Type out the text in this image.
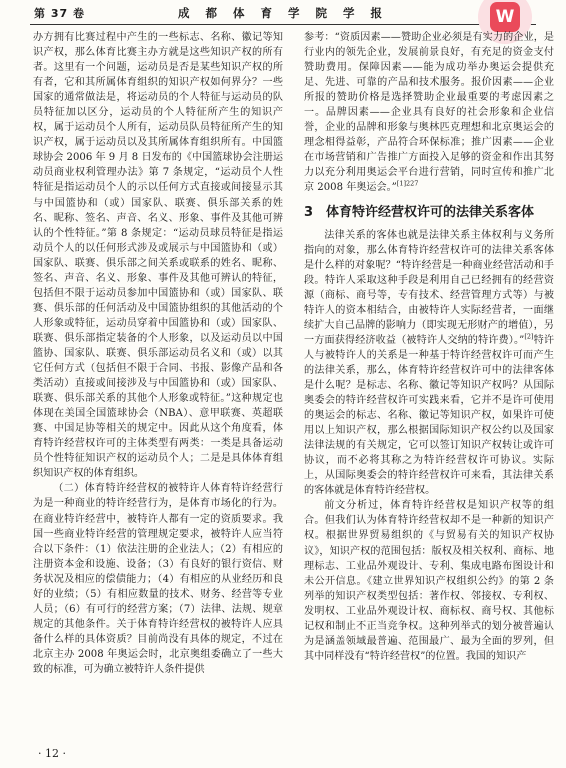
第 37 卷	成 都 体 育 学 院 学 报	W

办方拥有比赛过程中产生的一些标志、名称、徽记等知识产权，那么体育比赛主办方就是这些知识产权的所有者。这里有一个问题，运动员是否是某些知识产权的所有者，它和其所属体育组织的知识产权如何界分？一些国家的通常做法是，将运动员的个人特征与运动员的队员特征加以区分，运动员的个人特征所产生的知识产权，属于运动员个人所有，运动员队员特征所产生的知识产权，属于运动员以及其所属体育组织所有。中国篮球协会 2006 年 9 月 8 日发布的《中国篮球协会注册运动员商业权利管理办法》第 7 条规定，“运动员个人性特征是指运动员个人的示以任何方式直接或间接显示其与中国篮协和（或）国家队、联赛、俱乐部关系的姓名、昵称、签名、声音、名义、形象、事件及其他可辨认的个性特征。”第 8 条规定：“运动员球员特征是指运动员个人的以任何形式涉及或展示与中国篮协和（或）国家队、联赛、俱乐部之间关系或联系的姓名、昵称、签名、声音、名义、形象、事件及其他可辨认的特征，包括但不限于运动员参加中国篮协和（或）国家队、联赛、俱乐部的任何活动及中国篮协组织的其他活动的个人形象或特征，运动员穿着中国篮协和（或）国家队、联赛、俱乐部指定装备的个人形象，以及运动员以中国篮协、国家队、联赛、俱乐部运动员名义和（或）以其它任何方式（包括但不限于合同、书报、影像产品和各类活动）直接或间接涉及与中国篮协和（或）国家队、联赛、俱乐部关系的其他个人形象或特征。”这种规定也体现在美国全国篮球协会（NBA）、意甲联赛、英超联赛、中国足协等相关的规定中。因此从这个角度看，体育特许经营权许可的主体类型有两类：一类是具备运动员个性特征知识产权的运动员个人；二是是具体体育组织知识产权的体育组织。

（二）体育特许经营权的被特许人体育特许经营行为是一种商业的特许经营行为，是体育市场化的行为。在商业特许经营中，被特许人都有一定的资质要求。我国一些商业特许经营的管理规定要求，被特许人应当符合以下条件：（1）依法注册的企业法人；（2）有相应的注册资本金和设施、设备；（3）有良好的银行资信、财务状况及相应的偿债能力；（4）有相应的从业经历和良好的业绩；（5）有相应数量的技术、财务、经营等专业人员；（6）有可行的经营方案；（7）法律、法规、规章规定的其他条件。关于体育特许经营权的被特许人应具备什么样的具体资质？目前尚没有具体的规定，不过在北京主办 2008 年奥运会时，北京奥组委确立了一些大致的标准，可为确立被特许人条件提供

参考：“资质因素——赞助企业必须是有实力的企业，是行业内的领先企业，发展前景良好，有充足的资金支付赞助费用。保障因素——能为成功举办奥运会提供充足、先进、可靠的产品和技术服务。报价因素——企业所报的赞助价格是选择赞助企业最重要的考虑因素之一。品牌因素——企业具有良好的社会形象和企业信誉，企业的品牌和形象与奥林匹克理想和北京奥运会的理念相得益彰，产品符合环保标准；推广因素——企业在市场营销和广告推广方面投入足够的资金和作出其努力以充分利用奥运会平台进行营销，同时宣传和推广北京 2008 年奥运会。”$^{[1]227}$

3　体育特许经营权许可的法律关系客体

法律关系的客体也就是法律关系主体权利与义务所指向的对象，那么体育特许经营权许可的法律关系客体是什么样的对象呢？“特许经营是一种商业经营活动和手段。特许人采取这种手段是利用自己已经拥有的经营资源（商标、商号等，专有技术、经营管理方式等）与被特许人的资本相结合，由被特许人实际经营者，一面继续扩大自己品牌的影响力（即实现无形财产的增值），另一方面获得经济收益（被特许人交纳的特许费）。”[2]特许人与被特许人的关系是一种基于特许经营权许可而产生的法律关系，那么，体育特许经营权许可中的法律客体是什么呢？是标志、名称、徽记等知识产权吗？从国际奥委会的特许经营权许可实践来看，它并不是许可使用的奥运会的标志、名称、徽记等知识产权，如果许可使用以上知识产权，那么根据国际知识产权公约以及国家法律法规的有关规定，它可以签订知识产权转让或许可协议，而不必将其称之为特许经营权许可协议。实际上，从国际奥委会的特许经营权许可来看，其法律关系的客体就是体育特许经营权。

前文分析过，体育特许经营权是知识产权等的组合。但我们认为体育特许经营权却不是一种新的知识产权。根据世界贸易组织的《与贸易有关的知识产权协议》，知识产权的范围包括：版权及相关权利、商标、地理标志、工业品外观设计、专利、集成电路布图设计和未公开信息。《建立世界知识产权组织公约》的第 2 条列举的知识产权类型包括：著作权、邻接权、专利权、发明权、工业品外观设计权、商标权、商号权、其他标记权和制止不正当竞争权。这种列举式的划分被普遍认为是涵盖领域最普遍、范围最广、最为全面的罗列，但其中同样没有“特许经营权”的位置。我国的知识产

· 12 ·
